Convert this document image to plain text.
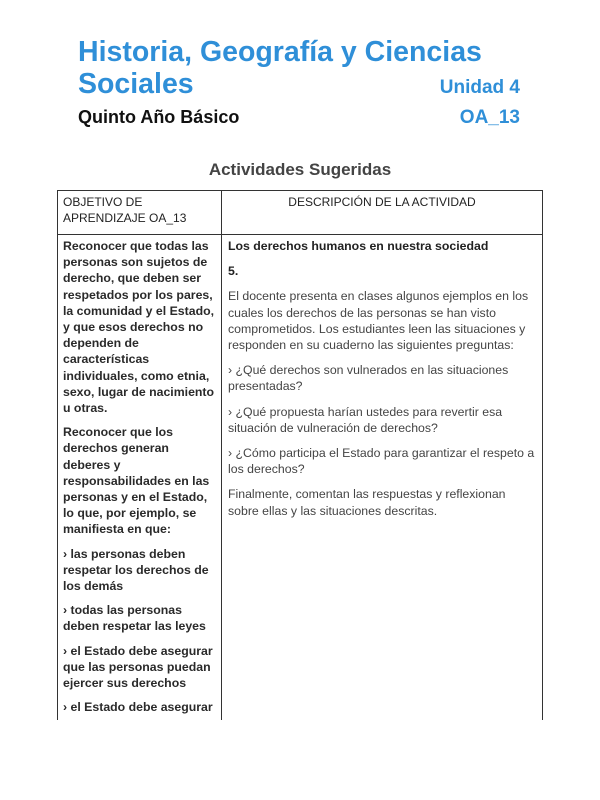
Historia, Geografía y Ciencias
Sociales	Unidad 4
Quinto Año Básico	OA_13
Actividades Sugeridas
OBJETIVO DE APRENDIZAJE OA_13
DESCRIPCIÓN DE LA ACTIVIDAD

Reconocer que todas las personas son sujetos de derecho, que deben ser respetados por los pares, la comunidad y el Estado, y que esos derechos no dependen de características individuales, como etnia, sexo, lugar de nacimiento u otras.

Reconocer que los derechos generan deberes y responsabilidades en las personas y en el Estado, lo que, por ejemplo, se manifiesta en que:

› las personas deben respetar los derechos de los demás

› todas las personas deben respetar las leyes

› el Estado debe asegurar que las personas puedan ejercer sus derechos

› el Estado debe asegurar

Los derechos humanos en nuestra sociedad

5.

El docente presenta en clases algunos ejemplos en los cuales los derechos de las personas se han visto comprometidos. Los estudiantes leen las situaciones y responden en su cuaderno las siguientes preguntas:

› ¿Qué derechos son vulnerados en las situaciones presentadas?

› ¿Qué propuesta harían ustedes para revertir esa situación de vulneración de derechos?

› ¿Cómo participa el Estado para garantizar el respeto a los derechos?

Finalmente, comentan las respuestas y reflexionan sobre ellas y las situaciones descritas.
